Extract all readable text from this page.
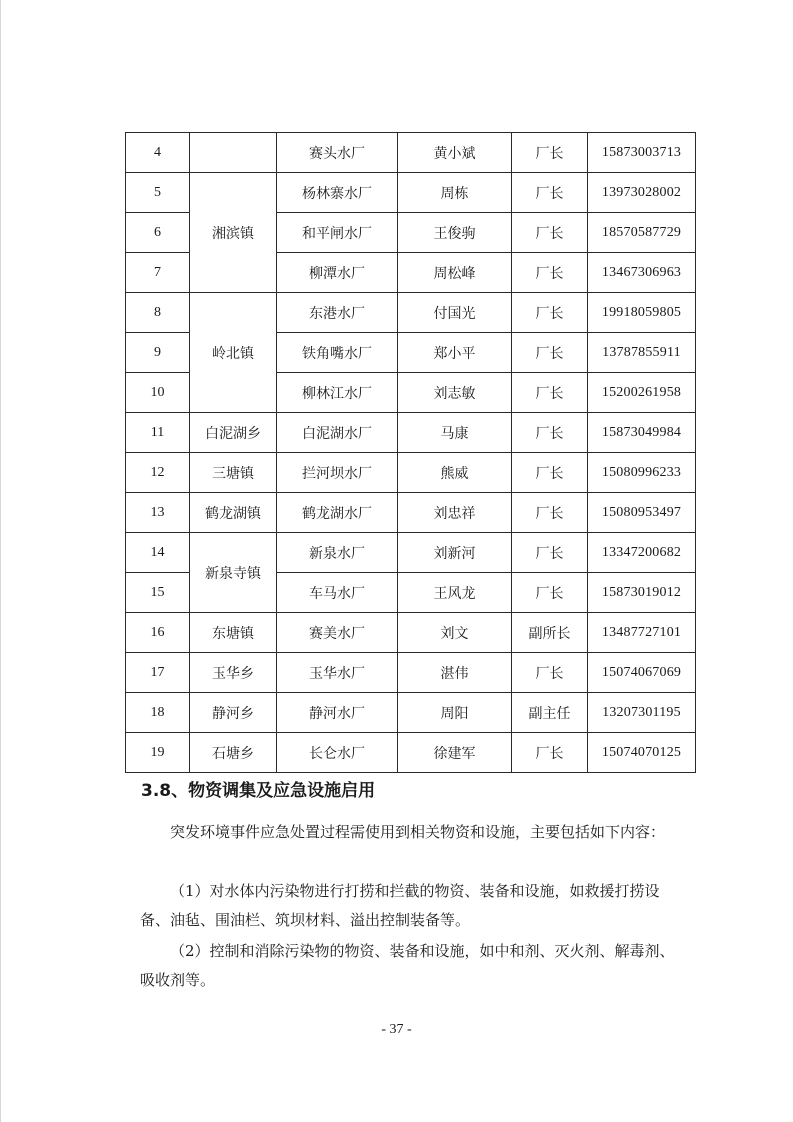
4		赛头水厂	黄小斌	厂长	15873003713
5	湘滨镇	杨林寨水厂	周栋	厂长	13973028002
6		和平闸水厂	王俊驹	厂长	18570587729
7		柳潭水厂	周松峰	厂长	13467306963
8	岭北镇	东港水厂	付国光	厂长	19918059805
9		铁角嘴水厂	郑小平	厂长	13787855911
10		柳林江水厂	刘志敏	厂长	15200261958
11	白泥湖乡	白泥湖水厂	马康	厂长	15873049984
12	三塘镇	拦河坝水厂	熊威	厂长	15080996233
13	鹤龙湖镇	鹤龙湖水厂	刘忠祥	厂长	15080953497
14	新泉寺镇	新泉水厂	刘新河	厂长	13347200682
15		车马水厂	王风龙	厂长	15873019012
16	东塘镇	赛美水厂	刘文	副所长	13487727101
17	玉华乡	玉华水厂	湛伟	厂长	15074067069
18	静河乡	静河水厂	周阳	副主任	13207301195
19	石塘乡	长仑水厂	徐建军	厂长	15074070125
3.8、物资调集及应急设施启用

突发环境事件应急处置过程需使用到相关物资和设施，主要包括如下内容：

（1）对水体内污染物进行打捞和拦截的物资、装备和设施，如救援打捞设备、油毡、围油栏、筑坝材料、溢出控制装备等。

（2）控制和消除污染物的物资、装备和设施，如中和剂、灭火剂、解毒剂、吸收剂等。

- 37 -
